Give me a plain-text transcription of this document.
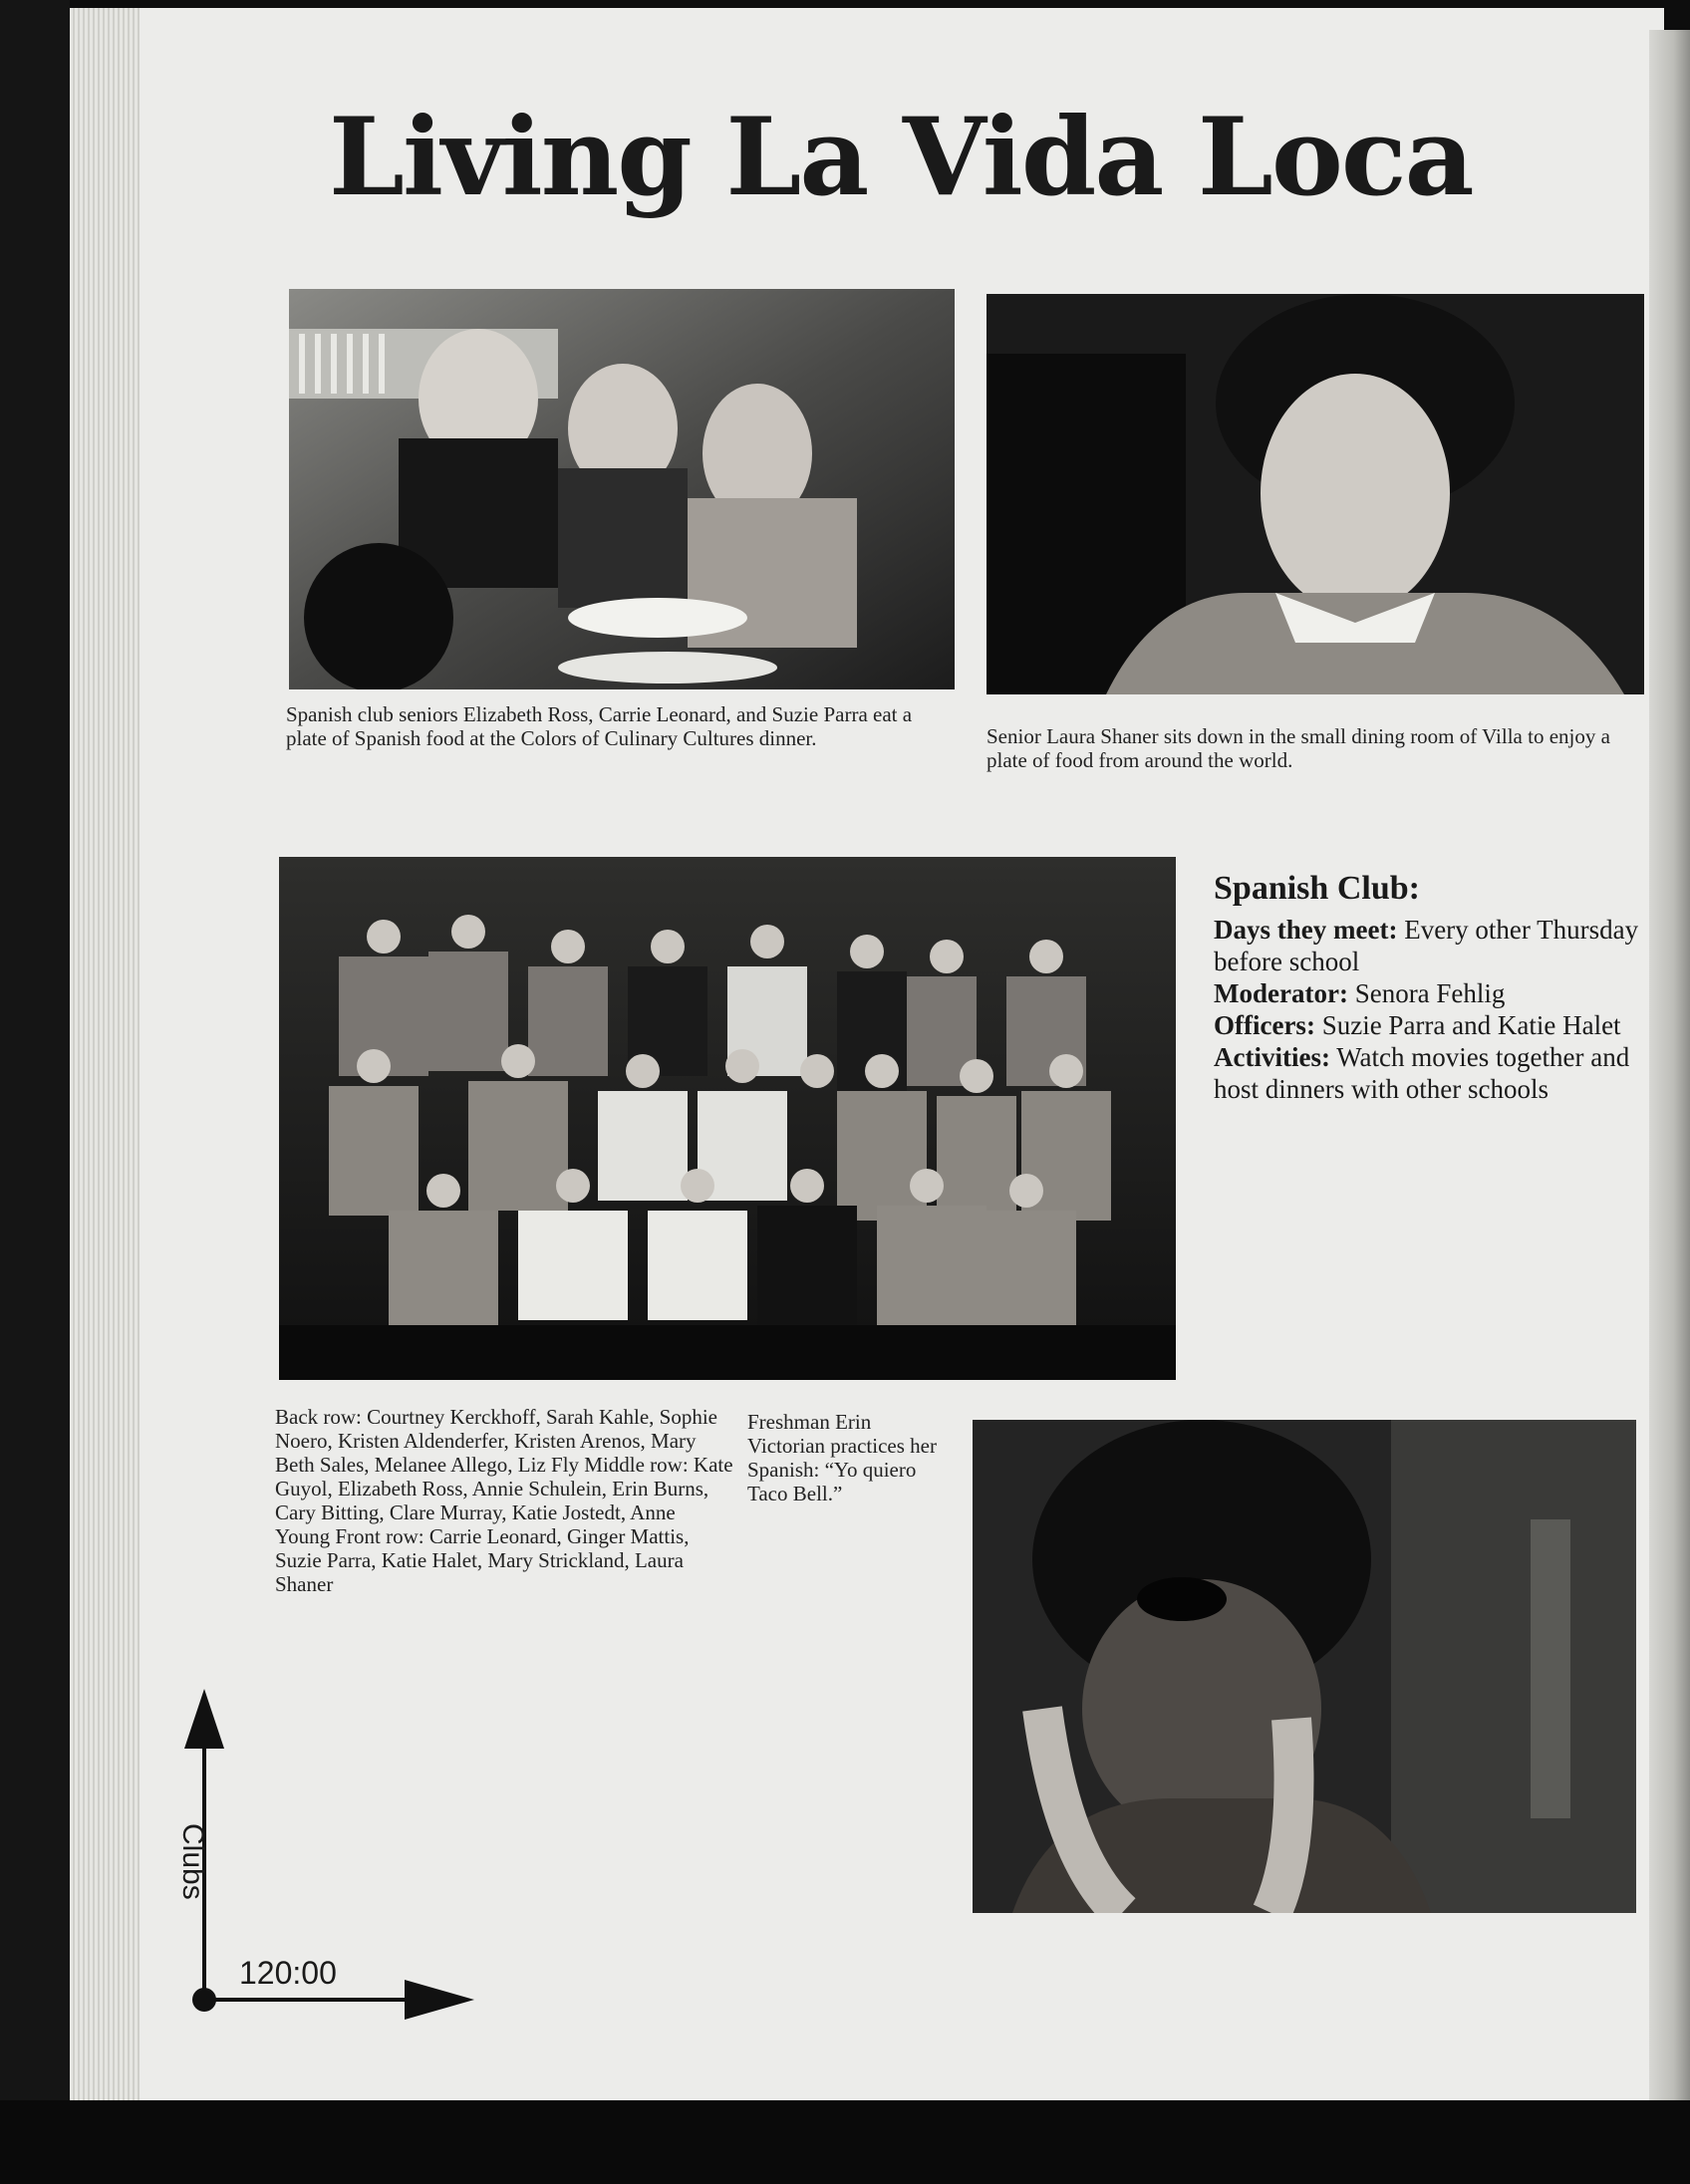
Living La Vida Loca

Spanish club seniors Elizabeth Ross, Carrie Leonard, and Suzie Parra eat a plate of Spanish food at the Colors of Culinary Cultures dinner.	Senior Laura Shaner sits down in the small dining room of Villa to enjoy a plate of food from around the world.

Back row: Courtney Kerckhoff, Sarah Kahle, Sophie Noero, Kristen Aldenderfer, Kristen Arenos, Mary Beth Sales, Melanee Allego, Liz Fly Middle row: Kate Guyol, Elizabeth Ross, Annie Schulein, Erin Burns, Cary Bitting, Clare Murray, Katie Jostedt, Anne Young Front row: Carrie Leonard, Ginger Mattis, Suzie Parra, Katie Halet, Mary Strickland, Laura Shaner

Spanish Club:

Days they meet: Every other Thursday before school

Moderator: Senora Fehlig

Officers: Suzie Parra and Katie Halet

Activities: Watch movies together and host dinners with other schools

Freshman Erin Victorian practices her Spanish: “Yo quiero Taco Bell.”

Clubs
120:00
